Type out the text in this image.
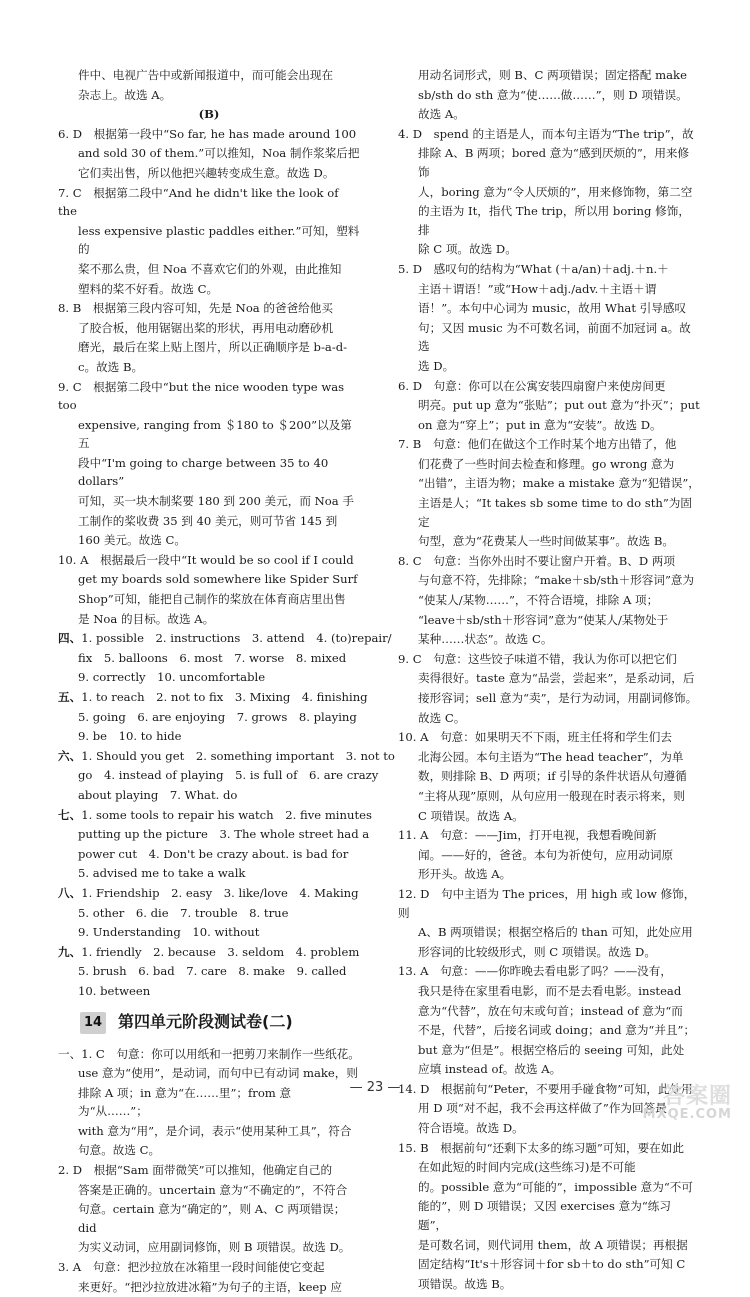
件中、电视广告中或新闻报道中，而可能会出现在
杂志上。故选 A。
(B)
6. D　根据第一段中“So far, he has made around 100
and sold 30 of them.”可以推知，Noa 制作浆桨后把
它们卖出售，所以他把兴趣转变成生意。故选 D。
7. C　根据第二段中“And he didn't like the look of the
less expensive plastic paddles either.”可知，塑料的
桨不那么贵，但 Noa 不喜欢它们的外观，由此推知
塑料的桨不好看。故选 C。
8. B　根据第三段内容可知，先是 Noa 的爸爸给他买
了胶合板，他用锯锯出桨的形状，再用电动磨砂机
磨光，最后在桨上贴上图片，所以正确顺序是 b-a-d-
c。故选 B。
9. C　根据第二段中“but the nice wooden type was too
expensive, ranging from ＄180 to ＄200”以及第五
段中“I'm going to charge between 35 to 40 dollars”
可知，买一块木制桨要 180 到 200 美元，而 Noa 手
工制作的桨收费 35 到 40 美元，则可节省 145 到
160 美元。故选 C。
10. A　根据最后一段中“It would be so cool if I could
get my boards sold somewhere like Spider Surf
Shop”可知，能把自己制作的桨放在体育商店里出售
是 Noa 的目标。故选 A。
四、1. possible　2. instructions　3. attend　4. (to)repair/
fix　5. balloons　6. most　7. worse　8. mixed
9. correctly　10. uncomfortable
五、1. to reach　2. not to fix　3. Mixing　4. finishing
5. going　6. are enjoying　7. grows　8. playing
9. be　10. to hide
六、1. Should you get　2. something important　3. not to
go　4. instead of playing　5. is full of　6. are crazy
about playing　7. What. do
七、1. some tools to repair his watch　2. five minutes
putting up the picture　3. The whole street had a
power cut　4. Don't be crazy about. is bad for
5. advised me to take a walk
八、1. Friendship　2. easy　3. like/love　4. Making
5. other　6. die　7. trouble　8. true
9. Understanding　10. without
九、1. friendly　2. because　3. seldom　4. problem
5. brush　6. bad　7. care　8. make　9. called
10. between
14 第四单元阶段测试卷(二)
一、1. C　句意：你可以用纸和一把剪刀来制作一些纸花。
use 意为“使用”，是动词，而句中已有动词 make，则
排除 A 项；in 意为“在……里”；from 意为“从……”；
with 意为“用”，是介词，表示“使用某种工具”，符合
句意。故选 C。
2. D　根据“Sam 面带微笑”可以推知，他确定自己的
答案是正确的。uncertain 意为“不确定的”，不符合
句意。certain 意为“确定的”，则 A、C 两项错误；did
为实义动词，应用副词修饰，则 B 项错误。故选 D。
3. A　句意：把沙拉放在冰箱里一段时间能使它变起
来更好。“把沙拉放进冰箱”为句子的主语，keep 应
用动名词形式，则 B、C 两项错误；固定搭配 make
sb/sth do sth 意为“使……做……”，则 D 项错误。
故选 A。
4. D　spend 的主语是人，而本句主语为“The trip”，故
排除 A、B 两项；bored 意为“感到厌烦的”，用来修饰
人，boring 意为“令人厌烦的”，用来修饰物，第二空
的主语为 It，指代 The trip，所以用 boring 修饰，排
除 C 项。故选 D。
5. D　感叹句的结构为“What (＋a/an)＋adj.＋n.＋
主语＋谓语！”或“How＋adj./adv.＋主语＋谓
语！”。本句中心词为 music，故用 What 引导感叹
句；又因 music 为不可数名词，前面不加冠词 a。故选
选 D。
6. D　句意：你可以在公寓安装四扇窗户来使房间更
明亮。put up 意为“张贴”；put out 意为“扑灭”；put
on 意为“穿上”；put in 意为“安装”。故选 D。
7. B　句意：他们在做这个工作时某个地方出错了，他
们花费了一些时间去检查和修理。go wrong 意为
“出错”，主语为物；make a mistake 意为“犯错误”，
主语是人；“It takes sb some time to do sth”为固定
句型，意为“花费某人一些时间做某事”。故选 B。
8. C　句意：当你外出时不要让窗户开着。B、D 两项
与句意不符，先排除；“make＋sb/sth＋形容词”意为
“使某人/某物……”，不符合语境，排除 A 项；
“leave＋sb/sth＋形容词”意为“使某人/某物处于
某种……状态”。故选 C。
9. C　句意：这些饺子味道不错，我认为你可以把它们
卖得很好。taste 意为“品尝，尝起来”，是系动词，后
接形容词；sell 意为“卖”，是行为动词，用副词修饰。
故选 C。
10. A　句意：如果明天不下雨，班主任将和学生们去
北海公园。本句主语为“The head teacher”，为单
数，则排除 B、D 两项；if 引导的条件状语从句遵循
“主将从现”原则，从句应用一般现在时表示将来，则
C 项错误。故选 A。
11. A　句意：——Jim，打开电视，我想看晚间新
闻。——好的，爸爸。本句为祈使句，应用动词原
形开头。故选 A。
12. D　句中主语为 The prices，用 high 或 low 修饰，则
A、B 两项错误；根据空格后的 than 可知，此处应用
形容词的比较级形式，则 C 项错误。故选 D。
13. A　句意：——你昨晚去看电影了吗？——没有，
我只是待在家里看电影，而不是去看电影。instead
意为“代替”，放在句末或句首；instead of 意为“而
不是，代替”，后接名词或 doing；and 意为“并且”；
but 意为“但是”。根据空格后的 seeing 可知，此处
应填 instead of。故选 A。
14. D　根据前句“Peter，不要用手碰食物”可知，此处用
用 D 项“对不起，我不会再这样做了”作为回答最
符合语境。故选 D。
15. B　根据前句“还剩下太多的练习题”可知，要在如此
在如此短的时间内完成(这些练习)是不可能
的。possible 意为“可能的”，impossible 意为“不可
能的”，则 D 项错误；又因 exercises 意为“练习题”，
是可数名词，则代词用 them，故 A 项错误；再根据
固定结构“It's＋形容词＋for sb＋to do sth”可知 C
项错误。故选 B。
— 23 —	答案圈
MXQE.COM
